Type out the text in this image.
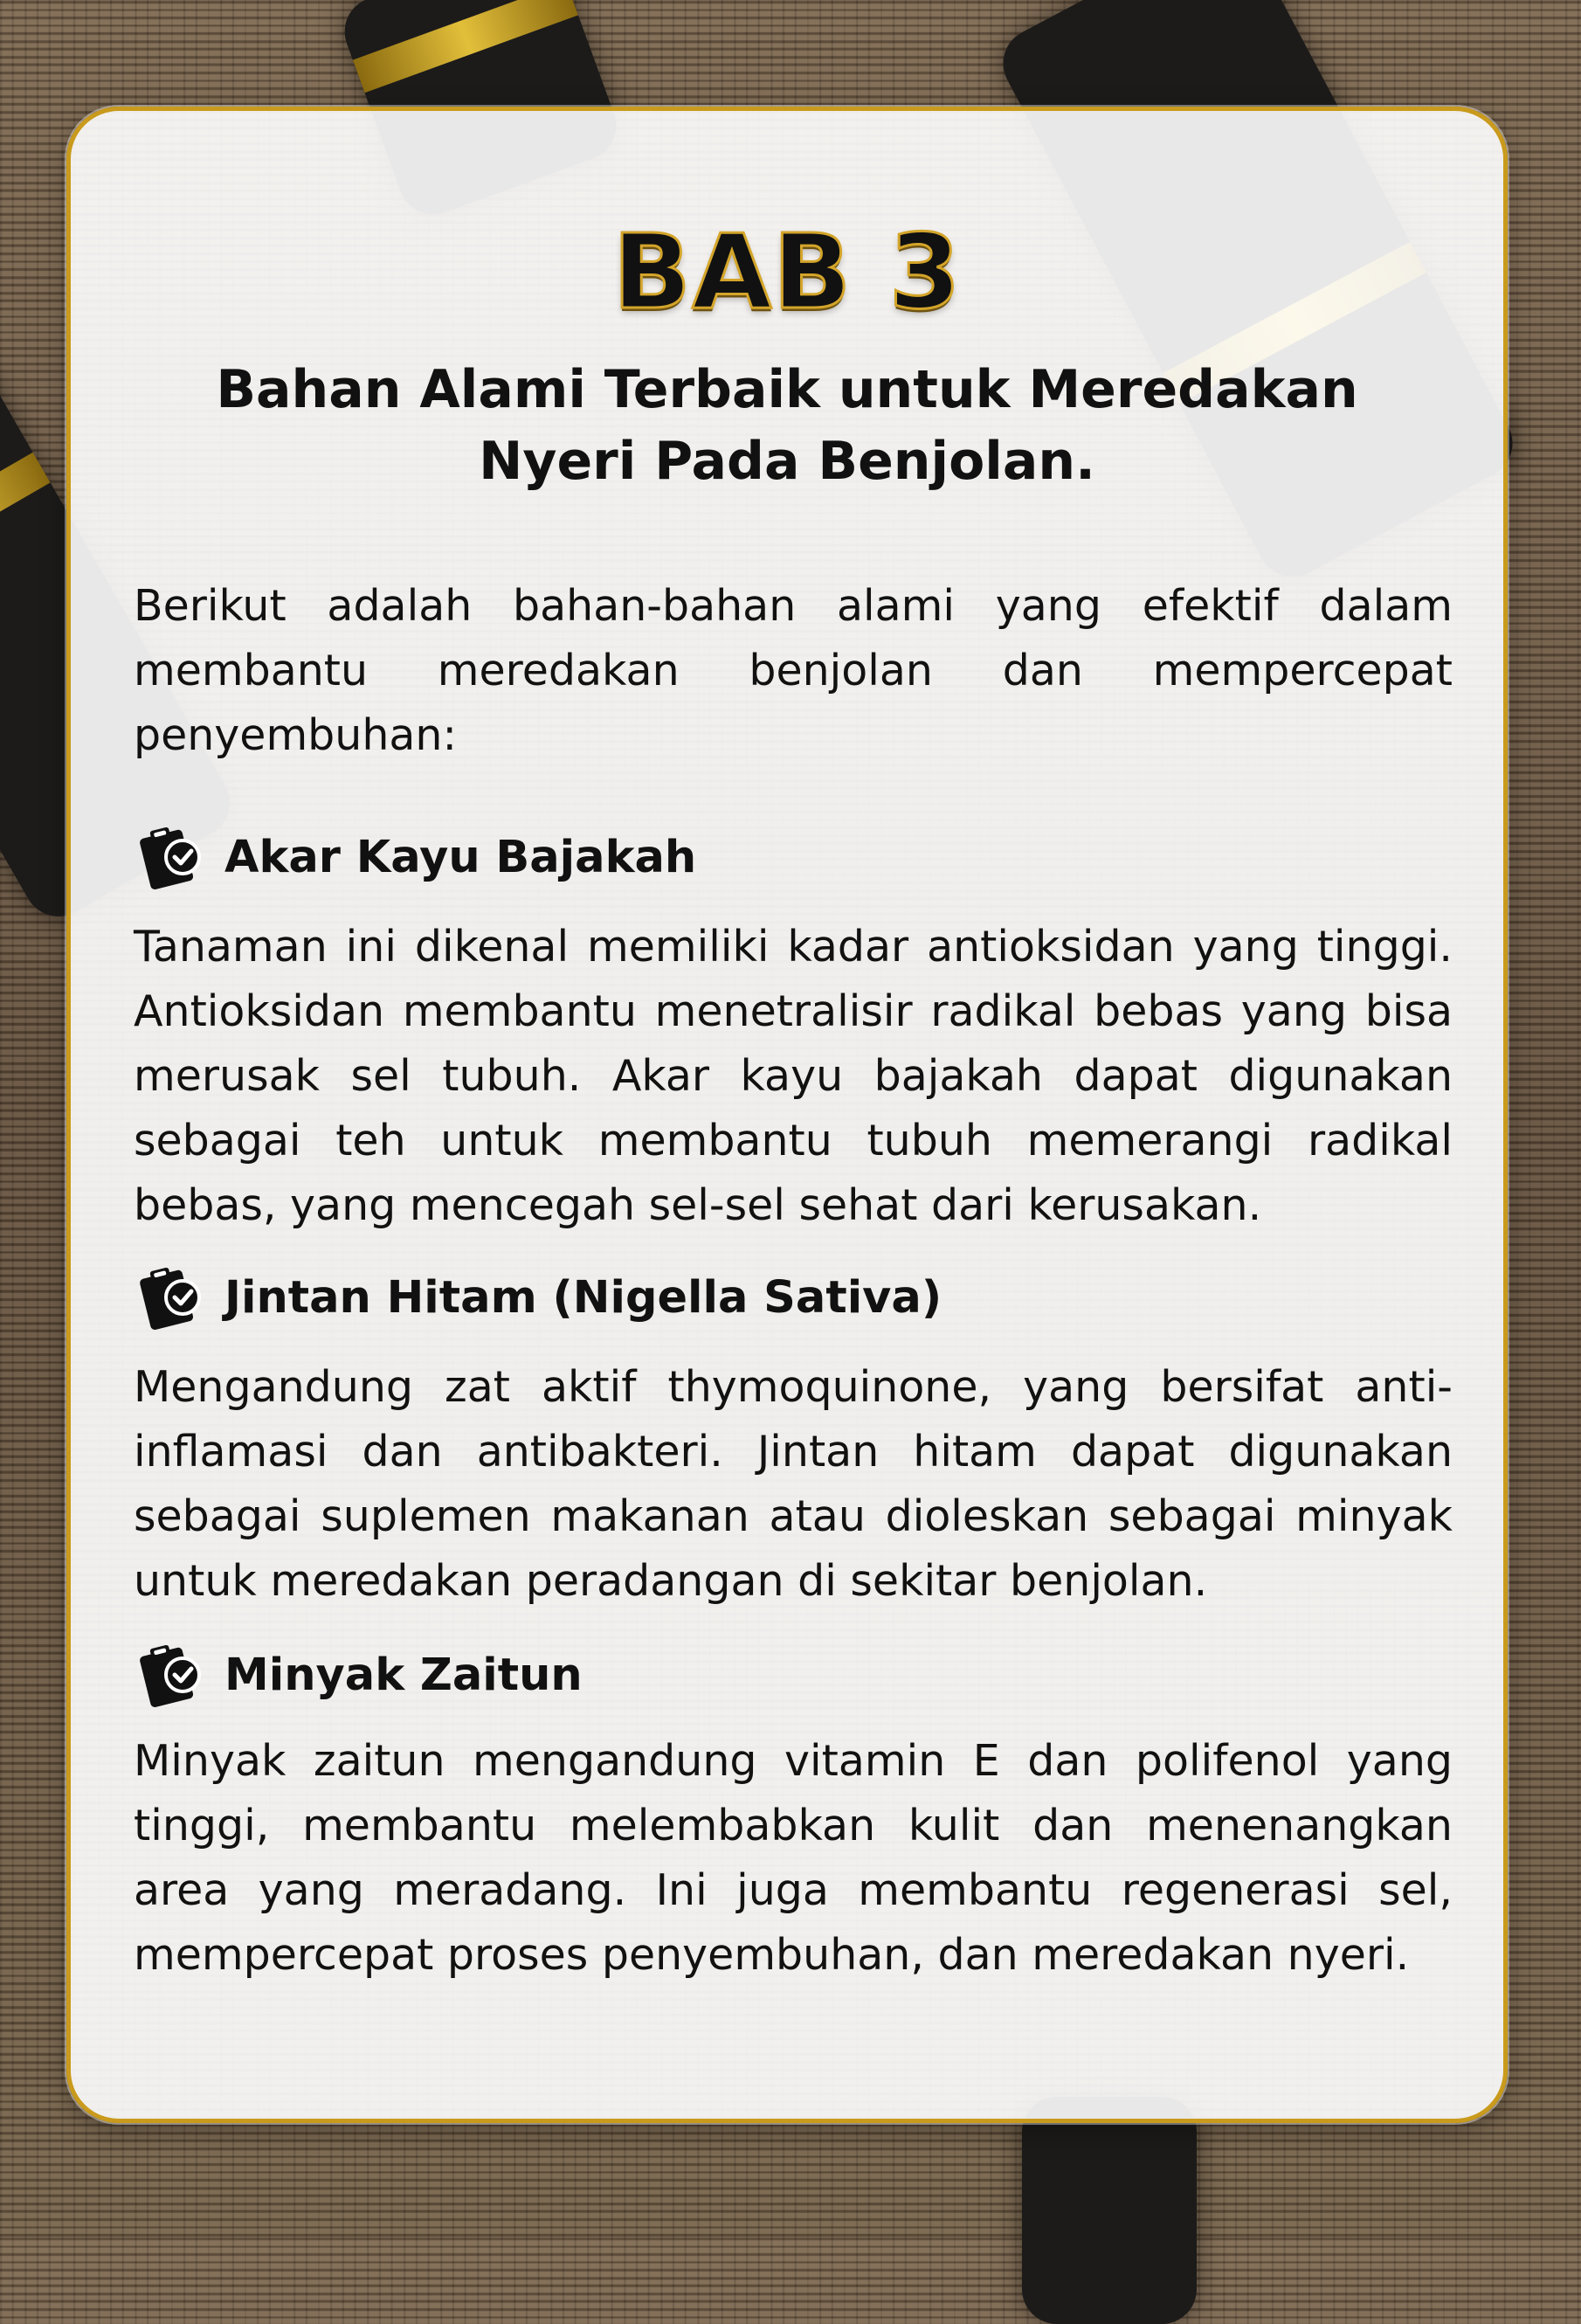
BAB 3
Bahan Alami Terbaik untuk Meredakan
Nyeri Pada Benjolan.

Berikut adalah bahan-bahan alami yang efektif dalam membantu meredakan benjolan dan mempercepat penyembuhan:

Akar Kayu Bajakah

Tanaman ini dikenal memiliki kadar antioksidan yang tinggi. Antioksidan membantu menetralisir radikal bebas yang bisa merusak sel tubuh. Akar kayu bajakah dapat digunakan sebagai teh untuk membantu tubuh memerangi radikal bebas, yang mencegah sel-sel sehat dari kerusakan.

Jintan Hitam (Nigella Sativa)

Mengandung zat aktif thymoquinone, yang bersifat anti-inflamasi dan antibakteri. Jintan hitam dapat digunakan sebagai suplemen makanan atau dioleskan sebagai minyak untuk meredakan peradangan di sekitar benjolan.

Minyak Zaitun

Minyak zaitun mengandung vitamin E dan polifenol yang tinggi, membantu melembabkan kulit dan menenangkan area yang meradang. Ini juga membantu regenerasi sel, mempercepat proses penyembuhan, dan meredakan nyeri.
